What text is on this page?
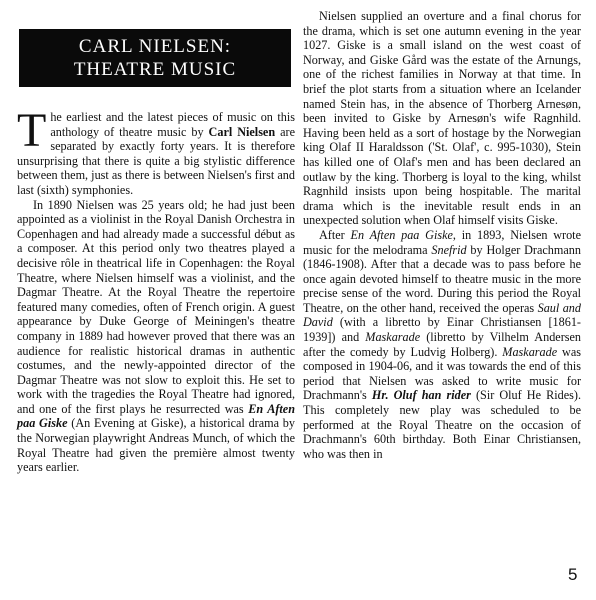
CARL NIELSEN:
THEATRE MUSIC

The earliest and the latest pieces of music on this anthology of theatre music by Carl Nielsen are separated by exactly forty years. It is therefore unsurprising that there is quite a big stylistic difference between them, just as there is between Nielsen's first and last (sixth) symphonies.

In 1890 Nielsen was 25 years old; he had just been appointed as a violinist in the Royal Danish Orchestra in Copenhagen and had already made a successful début as a composer. At this period only two theatres played a decisive rôle in theatrical life in Copenhagen: the Royal Theatre, where Nielsen himself was a violinist, and the Dagmar Theatre. At the Royal Theatre the repertoire featured many comedies, often of French origin. A guest appearance by Duke George of Meiningen's theatre company in 1889 had however proved that there was an audience for realistic historical dramas in authentic costumes, and the newly-appointed director of the Dagmar Theatre was not slow to exploit this. He set to work with the tragedies the Royal Theatre had ignored, and one of the first plays he resurrected was En Aften paa Giske (An Evening at Giske), a historical drama by the Norwegian playwright Andreas Munch, of which the Royal Theatre had given the première almost twenty years earlier.

Nielsen supplied an overture and a final chorus for the drama, which is set one autumn evening in the year 1027. Giske is a small island on the west coast of Norway, and Giske Gård was the estate of the Arnungs, one of the richest families in Norway at that time. In brief the plot starts from a situation where an Icelander named Stein has, in the absence of Thorberg Arnesøn, been invited to Giske by Arnesøn's wife Ragnhild. Having been held as a sort of hostage by the Norwegian king Olaf II Haraldsson ('St. Olaf', c. 995-1030), Stein has killed one of Olaf's men and has been declared an outlaw by the king. Thorberg is loyal to the king, whilst Ragnhild insists upon being hospitable. The marital drama which is the inevitable result ends in an unexpected solution when Olaf himself visits Giske.

After En Aften paa Giske, in 1893, Nielsen wrote music for the melodrama Snefrid by Holger Drachmann (1846-1908). After that a decade was to pass before he once again devoted himself to theatre music in the more precise sense of the word. During this period the Royal Theatre, on the other hand, received the operas Saul and David (with a libretto by Einar Christiansen [1861-1939]) and Maskarade (libretto by Vilhelm Andersen after the comedy by Ludvig Holberg). Maskarade was composed in 1904-06, and it was towards the end of this period that Nielsen was asked to write music for Drachmann's Hr. Oluf han rider (Sir Oluf He Rides). This completely new play was scheduled to be performed at the Royal Theatre on the occasion of Drachmann's 60th birthday. Both Einar Christiansen, who was then in

5
